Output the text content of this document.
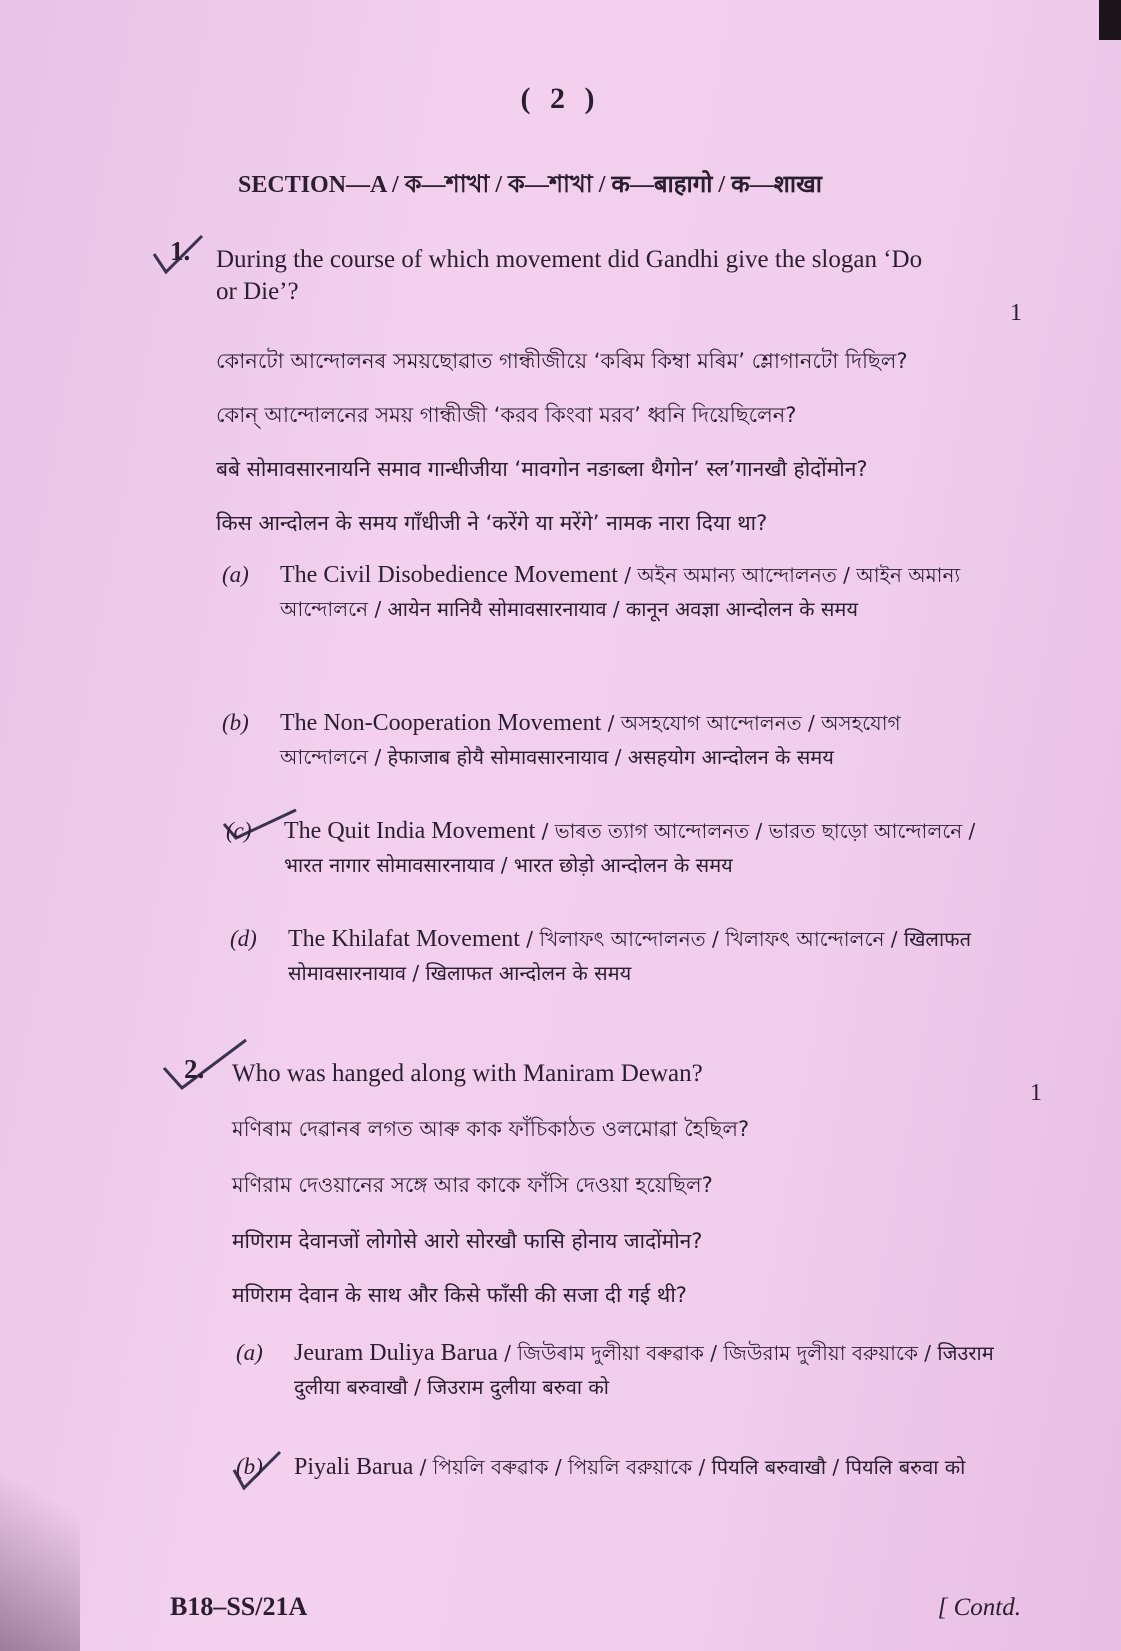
( 2 )
SECTION—A / ক—শাখা / ক—শাখা / क—बाहागो / क—शाखा
1. During the course of which movement did Gandhi give the slogan ‘Do or Die’?
1
কোনটো আন্দোলনৰ সময়ছোৱাত গান্ধীজীয়ে ‘কৰিম কিম্বা মৰিম’ শ্লোগানটো দিছিল?
কোন্ আন্দোলনের সময় গান্ধীজী ‘করব কিংবা মরব’ ধ্বনি দিয়েছিলেন?
बबे सोमावसारनायनि समाव गान्धीजीया ‘मावगोन नङाब्ला थैगोन’ स्ल’गानखौ होदोंमोन?
किस आन्दोलन के समय गाँधीजी ने ‘करेंगे या मरेंगे’ नामक नारा दिया था?
(a) The Civil Disobedience Movement / অইন অমান্য আন্দোলনত / আইন অমান্য আন্দোলনে / आयेन मानियै सोमावसारनायाव / कानून अवज्ञा आन्दोलन के समय
(b) The Non-Cooperation Movement / অসহযোগ আন্দোলনত / অসহযোগ আন্দোলনে / हेफाजाब होयै सोमावसारनायाव / असहयोग आन्दोलन के समय
(c) The Quit India Movement / ভাৰত ত্যাগ আন্দোলনত / ভারত ছাড়ো আন্দোলনে / भारत नागार सोमावसारनायाव / भारत छोड़ो आन्दोलन के समय
(d) The Khilafat Movement / খিলাফৎ আন্দোলনত / খিলাফৎ আন্দোলনে / खिलाफत सोमावसारनायाव / खिलाफत आन्दोलन के समय
2. Who was hanged along with Maniram Dewan?
1
মণিৰাম দেৱানৰ লগত আৰু কাক ফাঁচিকাঠত ওলমোৱা হৈছিল?
মণিরাম দেওয়ানের সঙ্গে আর কাকে ফাঁসি দেওয়া হয়েছিল?
मणिराम देवानजों लोगोसे आरो सोरखौ फासि होनाय जादोंमोन?
मणिराम देवान के साथ और किसे फाँसी की सजा दी गई थी?
(a) Jeuram Duliya Barua / জিউৰাম দুলীয়া বৰুৱাক / জিউরাম দুলীয়া বরুয়াকে / जिउराम दुलीया बरुवाखौ / जिउराम दुलीया बरुवा को
(b) Piyali Barua / পিয়লি বৰুৱাক / পিয়লি বরুয়াকে / पियलि बरुवाखौ / पियलि बरुवा को
B18–SS/21A	[ Contd.
